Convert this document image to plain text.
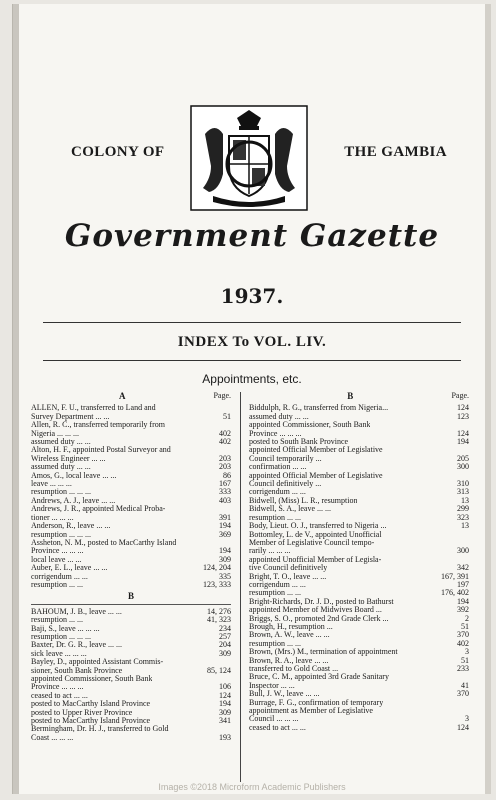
COLONY OF	THE GAMBIA
Government Gazette
1937.
INDEX To VOL. LIV.
Appointments, etc.
A	Page.
ALLEN, F. U., transferred to Land and
Survey Department ... ...	51
Allen, R. C., transferred temporarily from
Nigeria ... ... ...	402
assumed duty ... ...	402
Alton, H. F., appointed Postal Surveyor and
Wireless Engineer ... ...	203
assumed duty ... ...	203
Amos, G., local leave ... ...	86
leave ... ... ...	167
resumption ... ... ...	333
Andrews, A. J., leave ... ...	403
Andrews, J. R., appointed Medical Proba-
tioner ... ... ...	391
Anderson, R., leave ... ...	194
resumption ... ... ...	369
Assheton, N. M., posted to MacCarthy Island
Province ... ... ...	194
local leave ... ...	309
Auber, E. L., leave ... ...	124, 204
corrigendum ... ...	335
resumption ... ...	123, 333
B
BAHOUM, J. B., leave ... ...	14, 276
resumption ... ...	41, 323
Baji, S., leave ... ... ...	234
resumption ... ... ...	257
Baxter, Dr. G. R., leave ... ...	204
sick leave ... ... ...	309
Bayley, D., appointed Assistant Commis-
sioner, South Bank Province	85, 124
appointed Commissioner, South Bank
Province ... ... ...	106
ceased to act ... ...	124
posted to MacCarthy Island Province	194
posted to Upper River Province	309
posted to MacCarthy Island Province	341
Bermingham, Dr. H. J., transferred to Gold
Coast ... ... ...	193
B	Page.
Biddulph, R. G., transferred from Nigeria...	124
assumed duty ... ...	123
appointed Commissioner, South Bank
Province ... ... ...	124
posted to South Bank Province	194
appointed Official Member of Legislative
Council temporarily ...	205
confirmation ... ...	300
appointed Official Member of Legislative
Council definitively ...	310
corrigendum ... ...	313
Bidwell, (Miss) L. R., resumption	13
Bidwell, S. A., leave ... ...	299
resumption ... ...	323
Body, Lieut. O. J., transferred to Nigeria ...	13
Bottomley, L. de V., appointed Unofficial
Member of Legislative Council tempo-
rarily ... ... ...	300
appointed Unofficial Member of Legisla-
tive Council definitively	342
Bright, T. O., leave ... ...	167, 391
corrigendum ... ...	197
resumption ... ...	176, 402
Bright-Richards, Dr. J. D., posted to Bathurst	194
appointed Member of Midwives Board ...	392
Briggs, S. O., promoted 2nd Grade Clerk ...	2
Brough, H., resumption ...	51
Brown, A. W., leave ... ...	370
resumption ... ...	402
Brown, (Mrs.) M., termination of appointment	3
Brown, R. A., leave ... ...	51
transferred to Gold Coast ...	233
Bruce, C. M., appointed 3rd Grade Sanitary
Inspector ... ...	41
Bull, J. W., leave ... ...	370
Burrage, F. G., confirmation of temporary
appointment as Member of Legislative
Council ... ... ...	3
ceased to act ... ...	124
Images ©2018 Microform Academic Publishers
